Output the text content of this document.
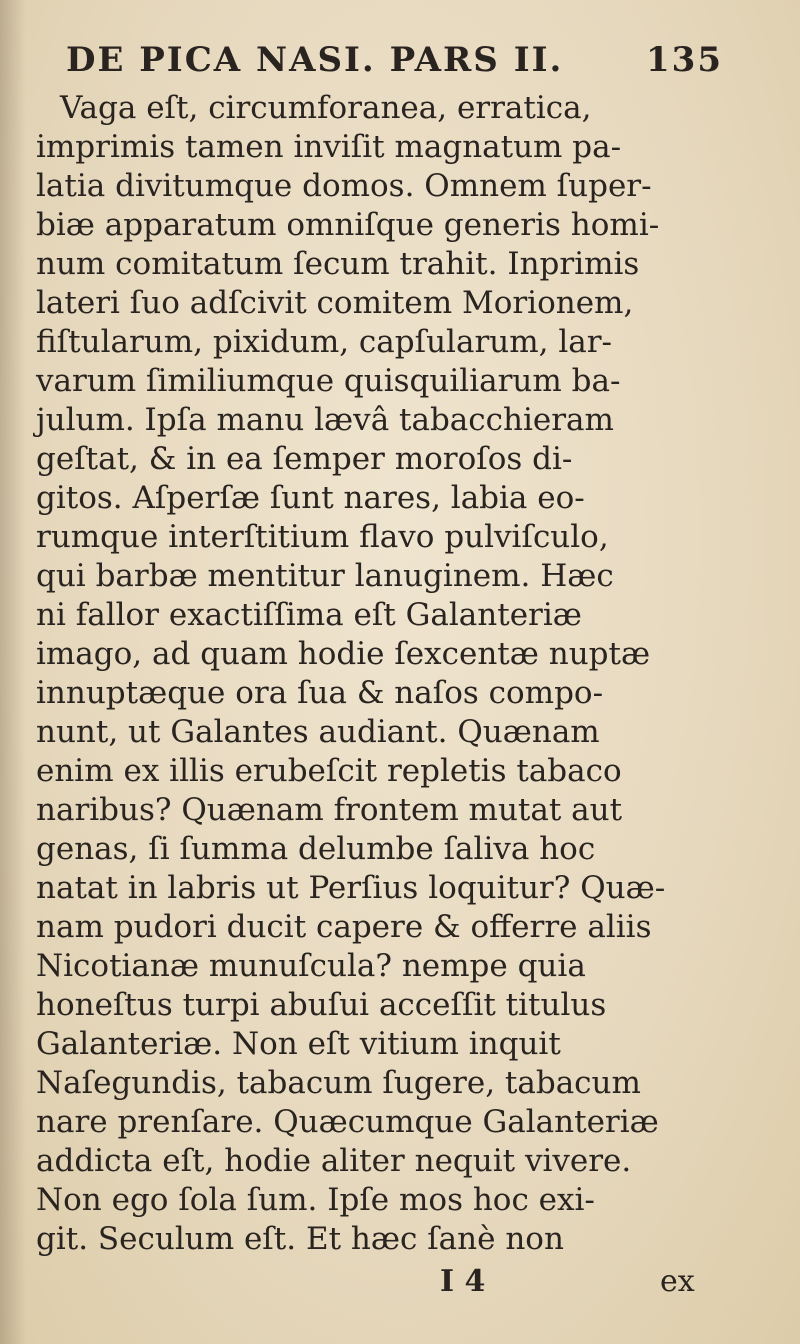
DE PICA NASI. PARS II. 135
Vaga eſt, circumforanea, erratica,
imprimis tamen inviſit magnatum pa-
latia divitumque domos. Omnem ſuper-
biæ apparatum omniſque generis homi-
num comitatum ſecum trahit. Inprimis
lateri ſuo adſcivit comitem Morionem,
fiſtularum, pixidum, capſularum, lar-
varum ſimiliumque quisquiliarum ba-
julum. Ipſa manu lævâ tabacchieram
geſtat, & in ea ſemper moroſos di-
gitos. Aſperſæ ſunt nares, labia eo-
rumque interſtitium flavo pulviſculo,
qui barbæ mentitur lanuginem. Hæc
ni fallor exactiſſima eſt Galanteriæ
imago, ad quam hodie ſexcentæ nuptæ
innuptæque ora ſua & naſos compo-
nunt, ut Galantes audiant. Quænam
enim ex illis erubeſcit repletis tabaco
naribus? Quænam frontem mutat aut
genas, ſi ſumma delumbe ſaliva hoc
natat in labris ut Perſius loquitur? Quæ-
nam pudori ducit capere & offerre aliis
Nicotianæ munuſcula? nempe quia
honeſtus turpi abuſui acceſſit titulus
Galanteriæ. Non eſt vitium inquit
Naſegundis, tabacum ſugere, tabacum
nare prenſare. Quæcumque Galanteriæ
addicta eſt, hodie aliter nequit vivere.
Non ego ſola ſum. Ipſe mos hoc exi-
git. Seculum eſt. Et hæc ſanè non
I 4	ex
